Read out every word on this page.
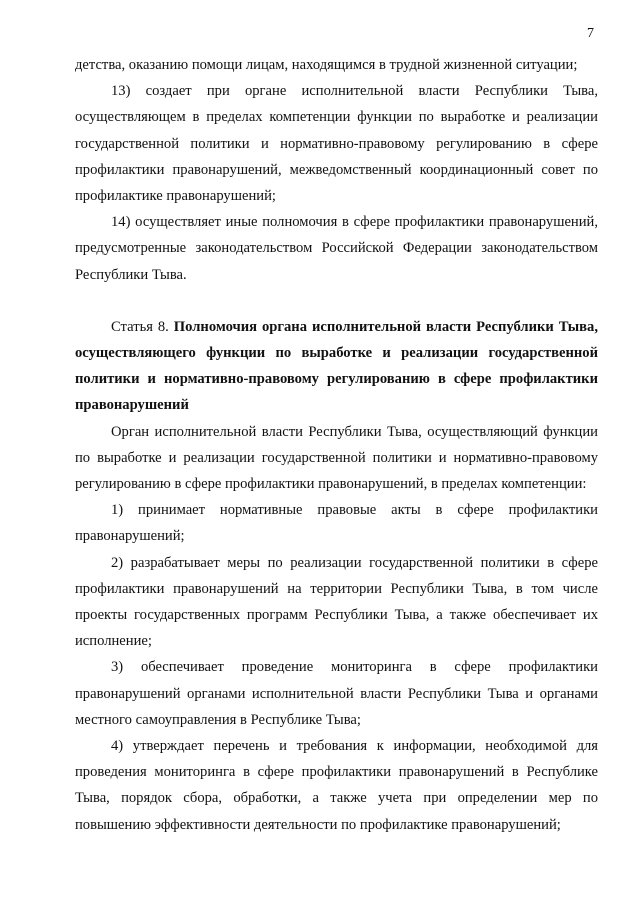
7

детства, оказанию помощи лицам, находящимся в трудной жизненной ситуации;

13) создает при органе исполнительной власти Республики Тыва, осуществляющем в пределах компетенции функции по выработке и реализации государственной политики и нормативно-правовому регулированию в сфере профилактики правонарушений, межведомственный координационный совет по профилактике правонарушений;

14) осуществляет иные полномочия в сфере профилактики правонарушений, предусмотренные законодательством Российской Федерации законодательством Республики Тыва.

Статья 8. Полномочия органа исполнительной власти Республики Тыва, осуществляющего функции по выработке и реализации государственной политики и нормативно-правовому регулированию в сфере профилактики правонарушений

Орган исполнительной власти Республики Тыва, осуществляющий функции по выработке и реализации государственной политики и нормативно-правовому регулированию в сфере профилактики правонарушений, в пределах компетенции:

1) принимает нормативные правовые акты в сфере профилактики правонарушений;

2) разрабатывает меры по реализации государственной политики в сфере профилактики правонарушений на территории Республики Тыва, в том числе проекты государственных программ Республики Тыва, а также обеспечивает их исполнение;

3) обеспечивает проведение мониторинга в сфере профилактики правонарушений органами исполнительной власти Республики Тыва и органами местного самоуправления в Республике Тыва;

4) утверждает перечень и требования к информации, необходимой для проведения мониторинга в сфере профилактики правонарушений в Республике Тыва, порядок сбора, обработки, а также учета при определении мер по повышению эффективности деятельности по профилактике правонарушений;
